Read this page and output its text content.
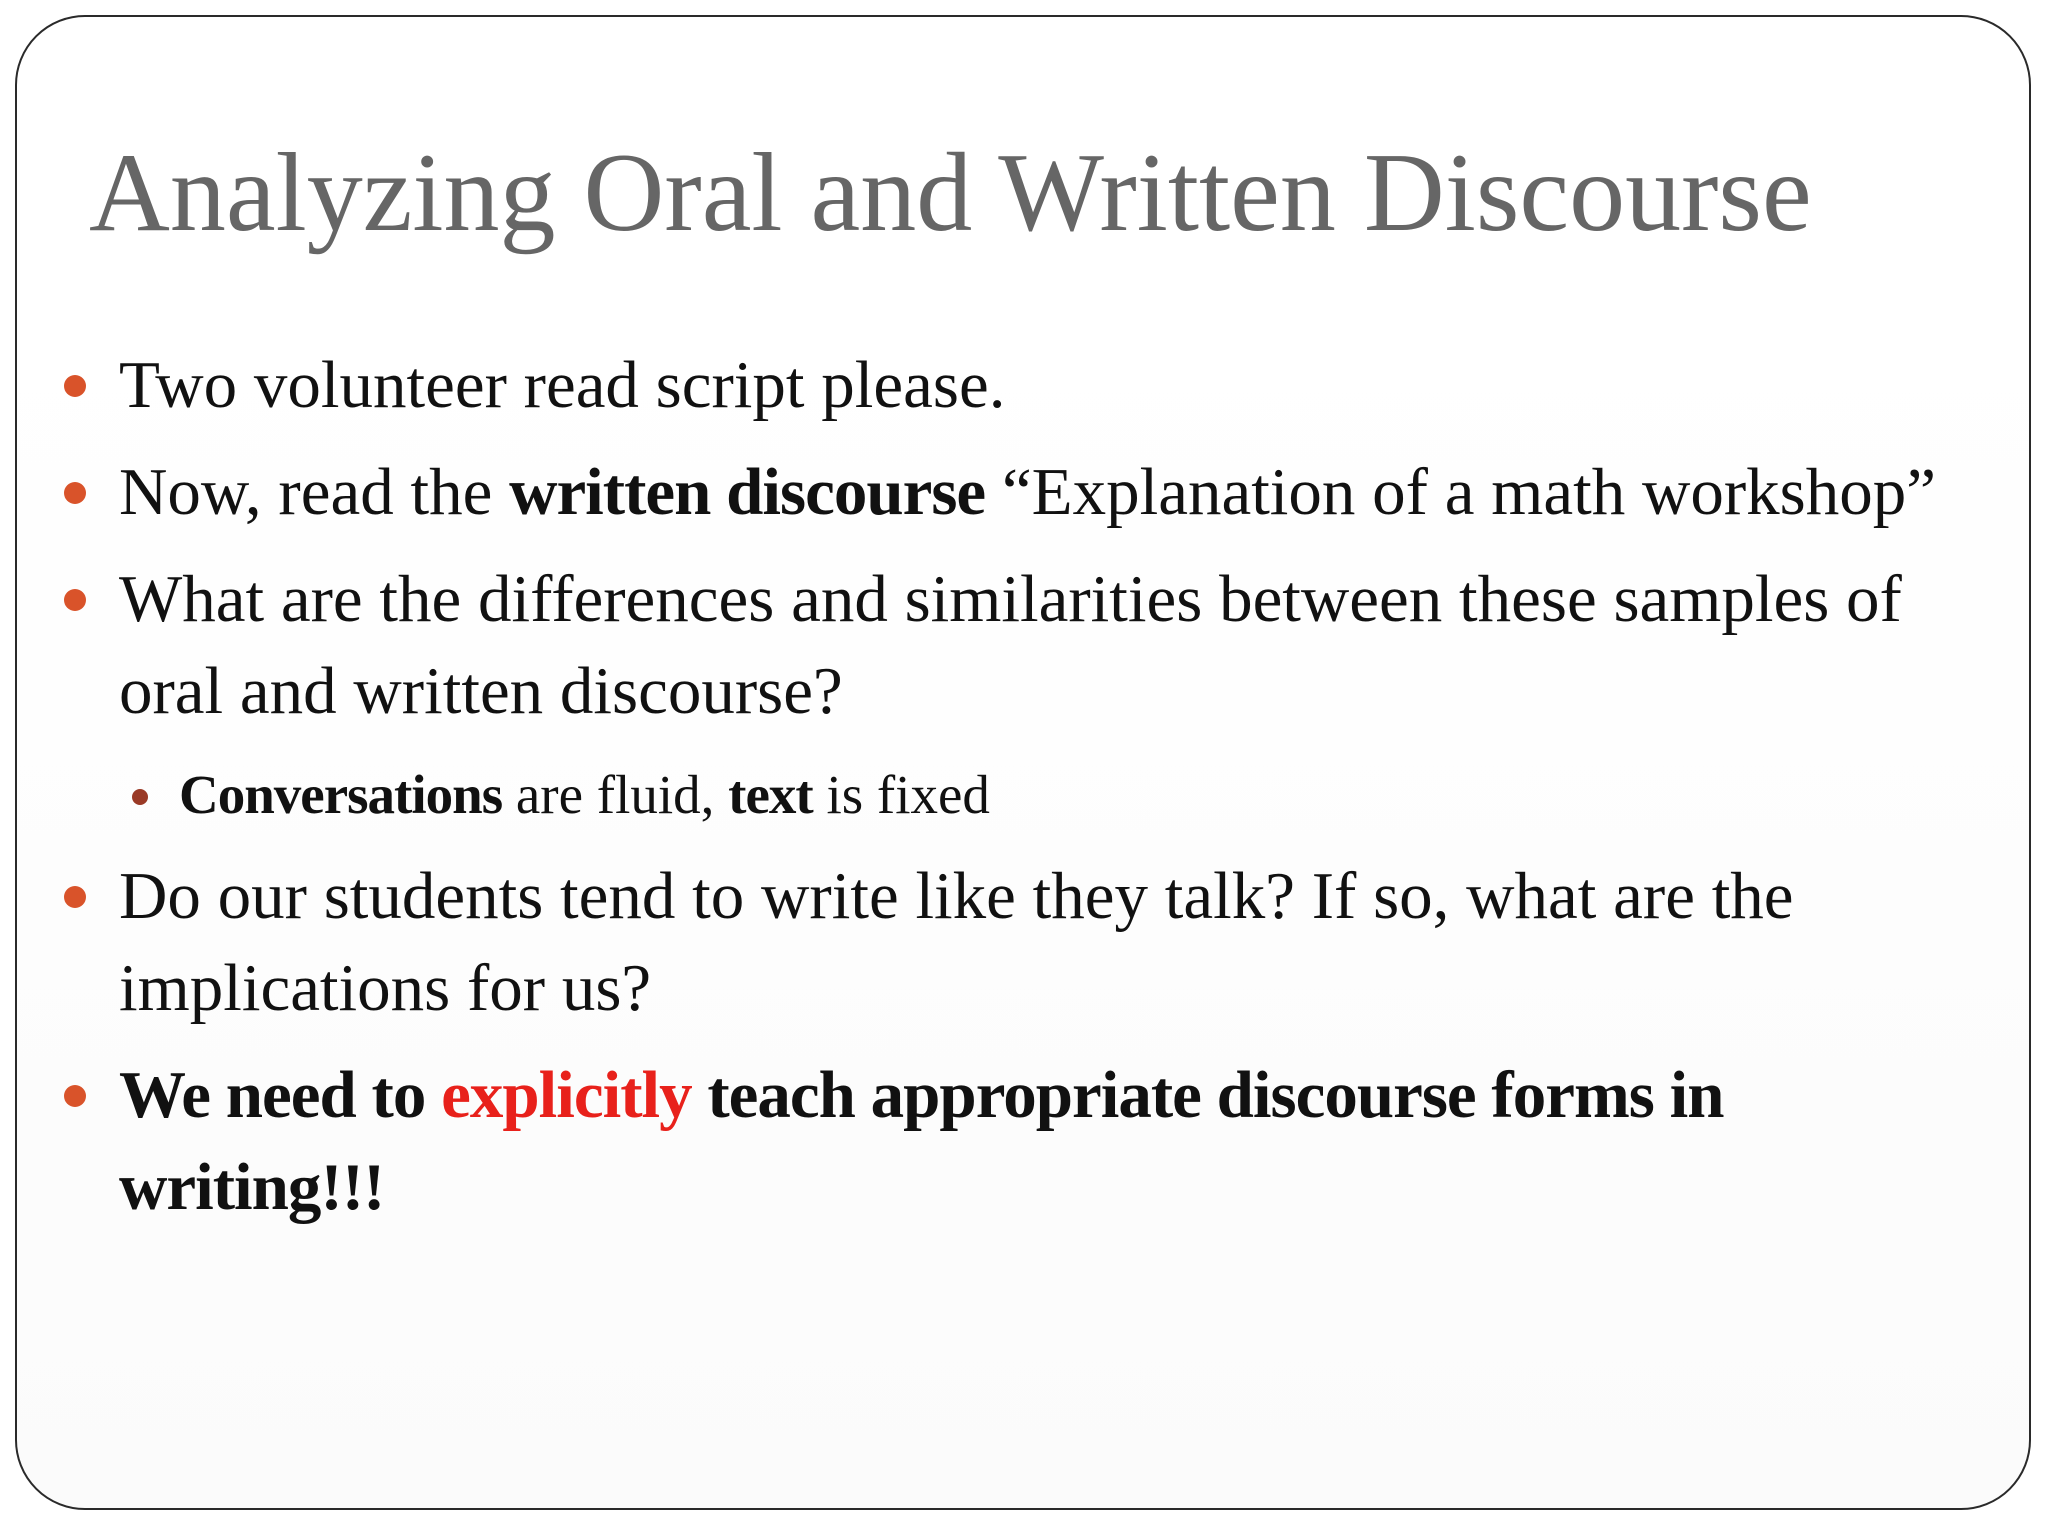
Analyzing Oral and Written Discourse
Two volunteer read script please.
Now, read the written discourse “Explanation of a math workshop”
What are the differences and similarities between these samples of oral and written discourse?
Conversations are fluid, text is fixed
Do our students tend to write like they talk? If so, what are the implications for us?
We need to explicitly teach appropriate discourse forms in writing!!!
